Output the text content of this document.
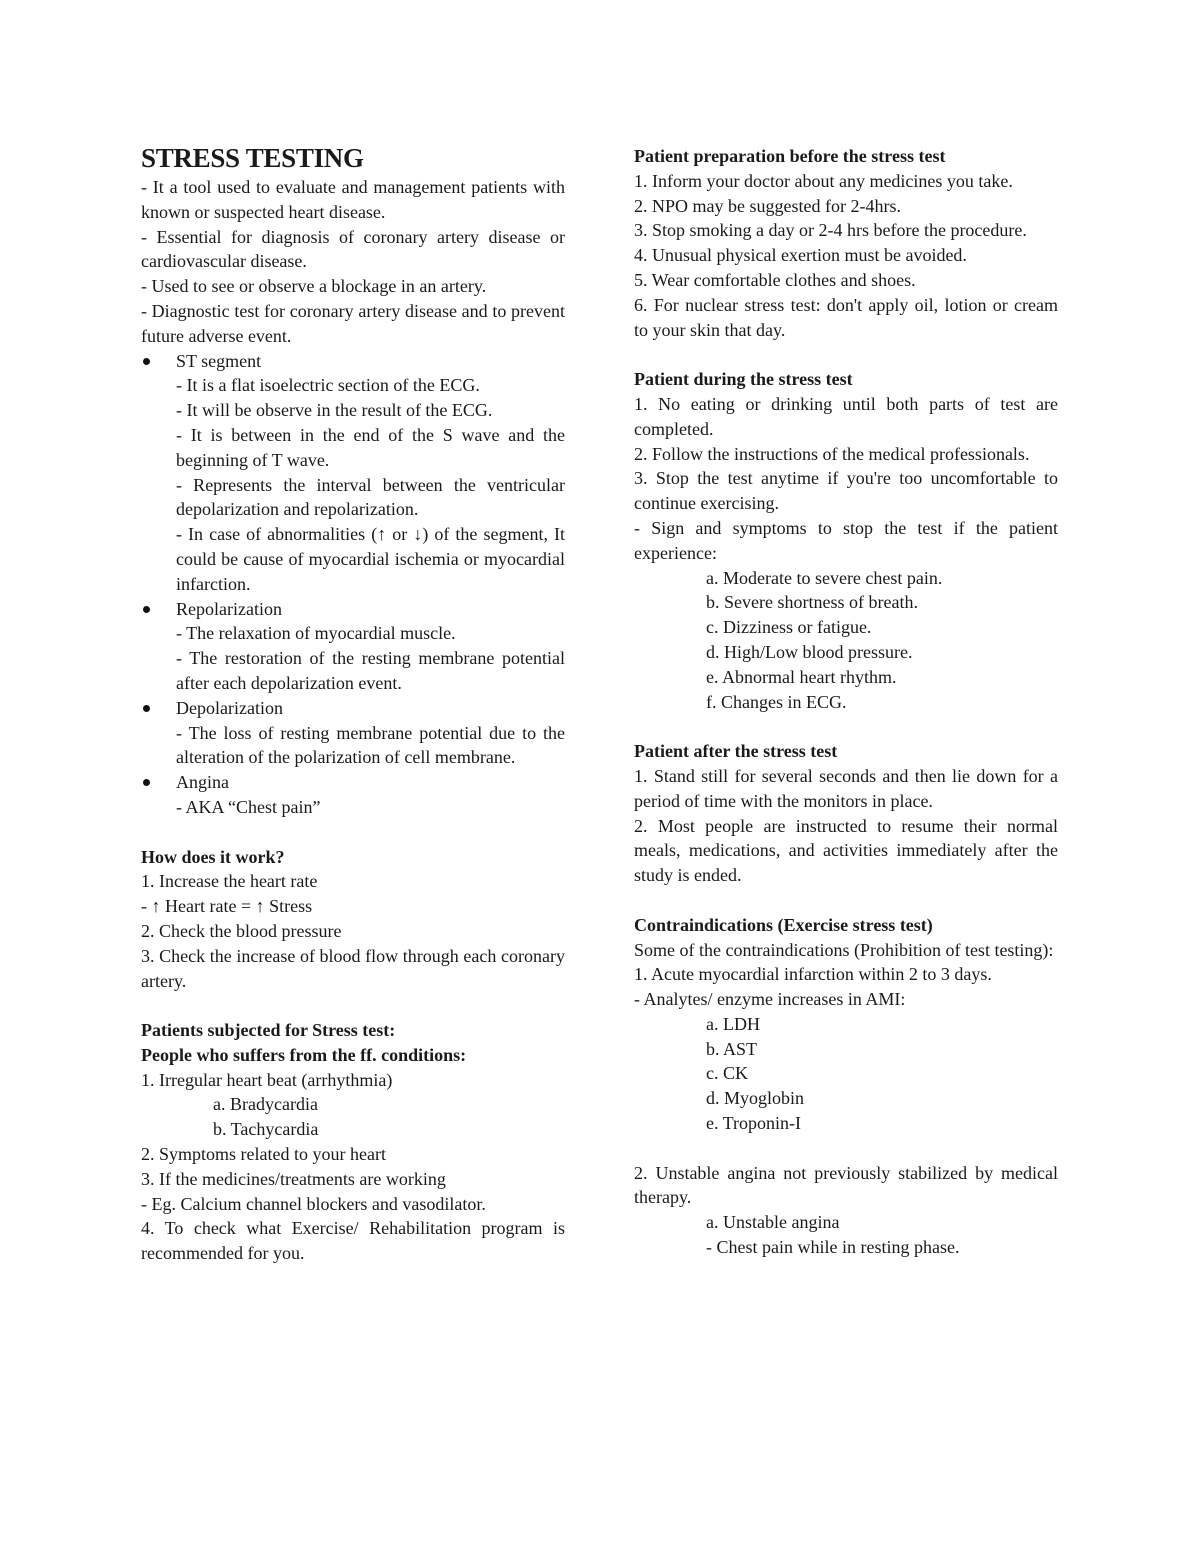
STRESS TESTING
- It a tool used to evaluate and management patients with known or suspected heart disease.
- Essential for diagnosis of coronary artery disease or cardiovascular disease.
- Used to see or observe a blockage in an artery.
- Diagnostic test for coronary artery disease and to prevent future adverse event.
ST segment
- It is a flat isoelectric section of the ECG.
- It will be observe in the result of the ECG.
- It is between in the end of the S wave and the beginning of T wave.
- Represents the interval between the ventricular depolarization and repolarization.
- In case of abnormalities (↑ or ↓) of the segment, It could be cause of myocardial ischemia or myocardial infarction.
Repolarization
- The relaxation of myocardial muscle.
- The restoration of the resting membrane potential after each depolarization event.
Depolarization
- The loss of resting membrane potential due to the alteration of the polarization of cell membrane.
Angina
- AKA “Chest pain”
How does it work?
1. Increase the heart rate
- ↑ Heart rate = ↑ Stress
2. Check the blood pressure
3. Check the increase of blood flow through each coronary artery.
Patients subjected for Stress test:
People who suffers from the ff. conditions:
1. Irregular heart beat (arrhythmia)
a. Bradycardia
b. Tachycardia
2. Symptoms related to your heart
3. If the medicines/treatments are working
- Eg. Calcium channel blockers and vasodilator.
4. To check what Exercise/ Rehabilitation program is recommended for you.
Patient preparation before the stress test
1. Inform your doctor about any medicines you take.
2. NPO may be suggested for 2-4hrs.
3. Stop smoking a day or 2-4 hrs before the procedure.
4. Unusual physical exertion must be avoided.
5. Wear comfortable clothes and shoes.
6. For nuclear stress test: don't apply oil, lotion or cream to your skin that day.
Patient during the stress test
1. No eating or drinking until both parts of test are completed.
2. Follow the instructions of the medical professionals.
3. Stop the test anytime if you're too uncomfortable to continue exercising.
- Sign and symptoms to stop the test if the patient experience:
a. Moderate to severe chest pain.
b. Severe shortness of breath.
c. Dizziness or fatigue.
d. High/Low blood pressure.
e. Abnormal heart rhythm.
f. Changes in ECG.
Patient after the stress test
1. Stand still for several seconds and then lie down for a period of time with the monitors in place.
2. Most people are instructed to resume their normal meals, medications, and activities immediately after the study is ended.
Contraindications (Exercise stress test)
Some of the contraindications (Prohibition of test testing):
1. Acute myocardial infarction within 2 to 3 days.
- Analytes/ enzyme increases in AMI:
a. LDH
b. AST
c. CK
d. Myoglobin
e. Troponin-I
2. Unstable angina not previously stabilized by medical therapy.
a. Unstable angina
- Chest pain while in resting phase.
